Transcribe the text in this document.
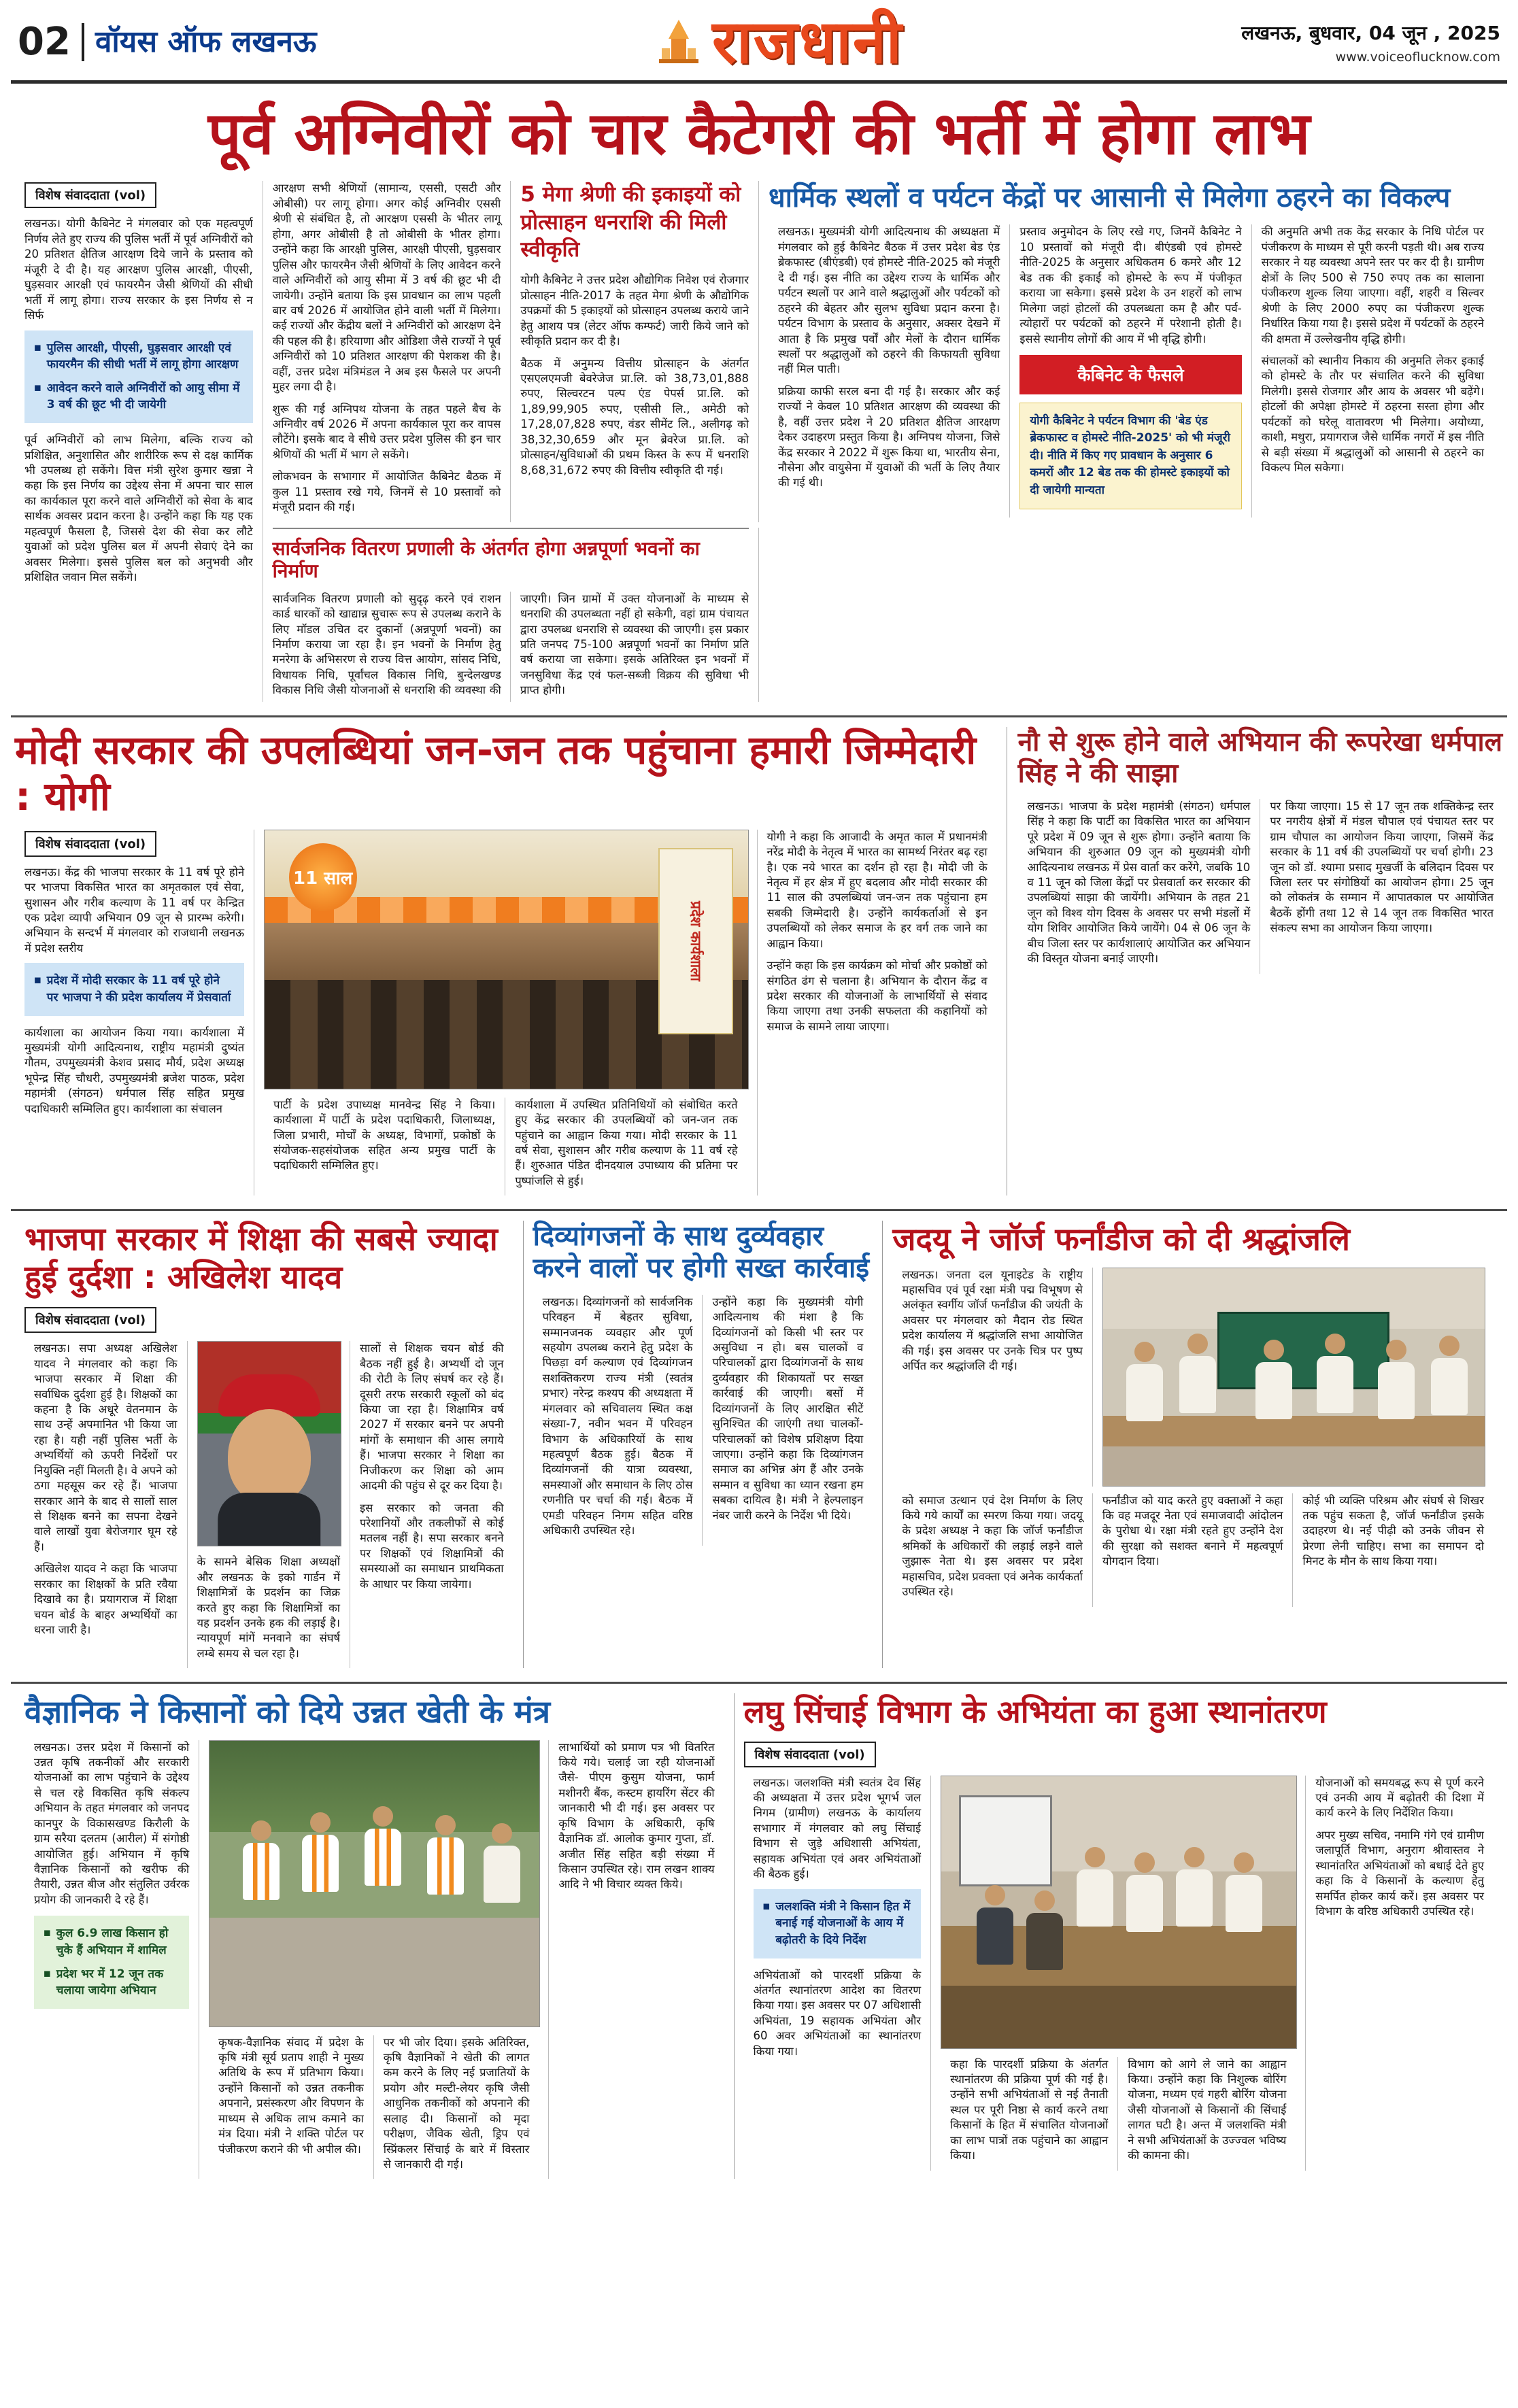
02 वॉयस ऑफ लखनऊ	राजधानी	लखनऊ, बुधवार, 04 जून , 2025
www.voiceoflucknow.com
पूर्व अग्निवीरों को चार कैटेगरी की भर्ती में होगा लाभ
विशेष संवाददाता (vol)

लखनऊ। योगी कैबिनेट ने मंगलवार को एक महत्वपूर्ण निर्णय लेते हुए राज्य की पुलिस भर्ती में पूर्व अग्निवीरों को 20 प्रतिशत क्षैतिज आरक्षण दिये जाने के प्रस्ताव को मंजूरी दे दी है। यह आरक्षण पुलिस आरक्षी, पीएसी, घुड़सवार आरक्षी एवं फायरमैन जैसी श्रेणियों की सीधी भर्ती में लागू होगा। राज्य सरकार के इस निर्णय से न सिर्फ

◼ पुलिस आरक्षी, पीएसी, घुड़सवार आरक्षी एवं फायरमैन की सीधी भर्ती में लागू होगा आरक्षण
◼ आवेदन करने वाले अग्निवीरों को आयु सीमा में 3 वर्ष की छूट भी दी जायेगी

पूर्व अग्निवीरों को लाभ मिलेगा, बल्कि राज्य को प्रशिक्षित, अनुशासित और शारीरिक रूप से दक्ष कार्मिक भी उपलब्ध हो सकेंगे। वित्त मंत्री सुरेश कुमार खन्ना ने कहा कि इस निर्णय का उद्देश्य सेना में अपना चार साल का कार्यकाल पूरा करने वाले अग्निवीरों को सेवा के बाद सार्थक अवसर प्रदान करना है। उन्होंने कहा कि यह एक महत्वपूर्ण फैसला है, जिससे देश की सेवा कर लौटे युवाओं को प्रदेश पुलिस बल में अपनी सेवाएं देने का अवसर मिलेगा। इससे पुलिस बल को अनुभवी और प्रशिक्षित जवान मिल सकेंगे।

आरक्षण सभी श्रेणियों (सामान्य, एससी, एसटी और ओबीसी) पर लागू होगा। अगर कोई अग्निवीर एससी श्रेणी से संबंधित है, तो आरक्षण एससी के भीतर लागू होगा, अगर ओबीसी है तो ओबीसी के भीतर होगा। उन्होंने कहा कि आरक्षी पुलिस, आरक्षी पीएसी, घुड़सवार पुलिस और फायरमैन जैसी श्रेणियों के लिए आवेदन करने वाले अग्निवीरों को आयु सीमा में 3 वर्ष की छूट भी दी जायेगी। उन्होंने बताया कि इस प्रावधान का लाभ पहली बार वर्ष 2026 में आयोजित होने वाली भर्ती में मिलेगा। कई राज्यों और केंद्रीय बलों ने अग्निवीरों को आरक्षण देने की पहल की है। हरियाणा और ओडिशा जैसे राज्यों ने पूर्व अग्निवीरों को 10 प्रतिशत आरक्षण की पेशकश की है। वहीं, उत्तर प्रदेश मंत्रिमंडल ने अब इस फैसले पर अपनी मुहर लगा दी है।

शुरू की गई अग्निपथ योजना के तहत पहले बैच के अग्निवीर वर्ष 2026 में अपना कार्यकाल पूरा कर वापस लौटेंगे। इसके बाद वे सीधे उत्तर प्रदेश पुलिस की इन चार श्रेणियों की भर्ती में भाग ले सकेंगे।

लोकभवन के सभागार में आयोजित कैबिनेट बैठक में कुल 11 प्रस्ताव रखे गये, जिनमें से 10 प्रस्तावों को मंजूरी प्रदान की गई।

5 मेगा श्रेणी की इकाइयों को प्रोत्साहन धनराशि की मिली स्वीकृति

योगी कैबिनेट ने उत्तर प्रदेश औद्योगिक निवेश एवं रोजगार प्रोत्साहन नीति-2017 के तहत मेगा श्रेणी के औद्योगिक उपक्रमों की 5 इकाइयों को प्रोत्साहन उपलब्ध कराये जाने हेतु आशय पत्र (लेटर ऑफ कम्फर्ट) जारी किये जाने को स्वीकृति प्रदान कर दी है।

बैठक में अनुमन्य वित्तीय प्रोत्साहन के अंतर्गत एसएलएमजी बेवरेजेज प्रा.लि. को 38,73,01,888 रुपए, सिल्वरटन पल्प एंड पेपर्स प्रा.लि. को 1,89,99,905 रुपए, एसीसी लि., अमेठी को 17,28,07,828 रुपए, वंडर सीमेंट लि., अलीगढ़ को 38,32,30,659 और मून ब्रेवरेज प्रा.लि. को प्रोत्साहन/सुविधाओं की प्रथम किस्त के रूप में धनराशि 8,68,31,672 रुपए की वित्तीय स्वीकृति दी गई।

धार्मिक स्थलों व पर्यटन केंद्रों पर आसानी से मिलेगा ठहरने का विकल्प

लखनऊ। मुख्यमंत्री योगी आदित्यनाथ की अध्यक्षता में मंगलवार को हुई कैबिनेट बैठक में उत्तर प्रदेश बेड एंड ब्रेकफास्ट (बीएंडबी) एवं होमस्टे नीति-2025 को मंजूरी दे दी गई। इस नीति का उद्देश्य राज्य के धार्मिक और पर्यटन स्थलों पर आने वाले श्रद्धालुओं और पर्यटकों को ठहरने की बेहतर और सुलभ सुविधा प्रदान करना है। पर्यटन विभाग के प्रस्ताव के अनुसार, अक्सर देखने में आता है कि प्रमुख पर्वों और मेलों के दौरान धार्मिक स्थलों पर श्रद्धालुओं को ठहरने की किफायती सुविधा नहीं मिल पाती।

प्रक्रिया काफी सरल बना दी गई है। सरकार और कई राज्यों ने केवल 10 प्रतिशत आरक्षण की व्यवस्था की है, वहीं उत्तर प्रदेश ने 20 प्रतिशत क्षैतिज आरक्षण देकर उदाहरण प्रस्तुत किया है। अग्निपथ योजना, जिसे केंद्र सरकार ने 2022 में शुरू किया था, भारतीय सेना, नौसेना और वायुसेना में युवाओं की भर्ती के लिए तैयार की गई थी।

प्रस्ताव अनुमोदन के लिए रखे गए, जिनमें कैबिनेट ने 10 प्रस्तावों को मंजूरी दी। बीएंडबी एवं होमस्टे नीति-2025 के अनुसार अधिकतम 6 कमरे और 12 बेड तक की इकाई को होमस्टे के रूप में पंजीकृत कराया जा सकेगा। इससे प्रदेश के उन शहरों को लाभ मिलेगा जहां होटलों की उपलब्धता कम है और पर्व-त्योहारों पर पर्यटकों को ठहरने में परेशानी होती है। इससे स्थानीय लोगों की आय में भी वृद्धि होगी।

कैबिनेट के फैसले
योगी कैबिनेट ने पर्यटन विभाग की 'बेड एंड ब्रेकफास्ट व होमस्टे नीति-2025' को भी मंजूरी दी। नीति में किए गए प्रावधान के अनुसार 6 कमरों और 12 बेड तक की होमस्टे इकाइयों को दी जायेगी मान्यता

की अनुमति अभी तक केंद्र सरकार के निधि पोर्टल पर पंजीकरण के माध्यम से पूरी करनी पड़ती थी। अब राज्य सरकार ने यह व्यवस्था अपने स्तर पर कर दी है। ग्रामीण क्षेत्रों के लिए 500 से 750 रुपए तक का सालाना पंजीकरण शुल्क लिया जाएगा। वहीं, शहरी व सिल्वर श्रेणी के लिए 2000 रुपए का पंजीकरण शुल्क निर्धारित किया गया है। इससे प्रदेश में पर्यटकों के ठहरने की क्षमता में उल्लेखनीय वृद्धि होगी।

संचालकों को स्थानीय निकाय की अनुमति लेकर इकाई को होमस्टे के तौर पर संचालित करने की सुविधा मिलेगी। इससे रोजगार और आय के अवसर भी बढ़ेंगे। होटलों की अपेक्षा होमस्टे में ठहरना सस्ता होगा और पर्यटकों को घरेलू वातावरण भी मिलेगा। अयोध्या, काशी, मथुरा, प्रयागराज जैसे धार्मिक नगरों में इस नीति से बड़ी संख्या में श्रद्धालुओं को आसानी से ठहरने का विकल्प मिल सकेगा।

सार्वजनिक वितरण प्रणाली के अंतर्गत होगा अन्नपूर्णा भवनों का निर्माण

सार्वजनिक वितरण प्रणाली को सुदृढ़ करने एवं राशन कार्ड धारकों को खाद्यान्न सुचारू रूप से उपलब्ध कराने के लिए मॉडल उचित दर दुकानों (अन्नपूर्णा भवनों) का निर्माण कराया जा रहा है। इन भवनों के निर्माण हेतु मनरेगा के अभिसरण से राज्य वित्त आयोग, सांसद निधि, विधायक निधि, पूर्वांचल विकास निधि, बुन्देलखण्ड विकास निधि जैसी योजनाओं से धनराशि की व्यवस्था की जाएगी। जिन ग्रामों में उक्त योजनाओं के माध्यम से धनराशि की उपलब्धता नहीं हो सकेगी, वहां ग्राम पंचायत द्वारा उपलब्ध धनराशि से व्यवस्था की जाएगी। इस प्रकार प्रति जनपद 75-100 अन्नपूर्णा भवनों का निर्माण प्रति वर्ष कराया जा सकेगा। इसके अतिरिक्त इन भवनों में जनसुविधा केंद्र एवं फल-सब्जी विक्रय की सुविधा भी प्राप्त होगी।

मोदी सरकार की उपलब्धियां जन-जन तक पहुंचाना हमारी जिम्मेदारी : योगी
विशेष संवाददाता (vol)

लखनऊ। केंद्र की भाजपा सरकार के 11 वर्ष पूरे होने पर भाजपा विकसित भारत का अमृतकाल एवं सेवा, सुशासन और गरीब कल्याण के 11 वर्ष पर केन्द्रित एक प्रदेश व्यापी अभियान 09 जून से प्रारम्भ करेगी। अभियान के सन्दर्भ में मंगलवार को राजधानी लखनऊ में प्रदेश स्तरीय

◼ प्रदेश में मोदी सरकार के 11 वर्ष पूरे होने पर भाजपा ने की प्रदेश कार्यालय में प्रेसवार्ता

कार्यशाला का आयोजन किया गया। कार्यशाला में मुख्यमंत्री योगी आदित्यनाथ, राष्ट्रीय महामंत्री दुष्यंत गौतम, उपमुख्यमंत्री केशव प्रसाद मौर्य, प्रदेश अध्यक्ष भूपेन्द्र सिंह चौधरी, उपमुख्यमंत्री ब्रजेश पाठक, प्रदेश महामंत्री (संगठन) धर्मपाल सिंह सहित प्रमुख पदाधिकारी सम्मिलित हुए। कार्यशाला का संचालन

11 साल
प्रदेश कार्यशाला

पार्टी के प्रदेश उपाध्यक्ष मानवेन्द्र सिंह ने किया। कार्यशाला में पार्टी के प्रदेश पदाधिकारी, जिलाध्यक्ष, जिला प्रभारी, मोर्चों के अध्यक्ष, विभागों, प्रकोष्ठों के संयोजक-सहसंयोजक सहित अन्य प्रमुख पार्टी के पदाधिकारी सम्मिलित हुए।

कार्यशाला में उपस्थित प्रतिनिधियों को संबोधित करते हुए केंद्र सरकार की उपलब्धियों को जन-जन तक पहुंचाने का आह्वान किया गया। मोदी सरकार के 11 वर्ष सेवा, सुशासन और गरीब कल्याण के 11 वर्ष रहे हैं। शुरुआत पंडित दीनदयाल उपाध्याय की प्रतिमा पर पुष्पांजलि से हुई।

योगी ने कहा कि आजादी के अमृत काल में प्रधानमंत्री नरेंद्र मोदी के नेतृत्व में भारत का सामर्थ्य निरंतर बढ़ रहा है। एक नये भारत का दर्शन हो रहा है। मोदी जी के नेतृत्व में हर क्षेत्र में हुए बदलाव और मोदी सरकार की 11 साल की उपलब्धियां जन-जन तक पहुंचाना हम सबकी जिम्मेदारी है। उन्होंने कार्यकर्ताओं से इन उपलब्धियों को लेकर समाज के हर वर्ग तक जाने का आह्वान किया।

उन्होंने कहा कि इस कार्यक्रम को मोर्चा और प्रकोष्ठों को संगठित ढंग से चलाना है। अभियान के दौरान केंद्र व प्रदेश सरकार की योजनाओं के लाभार्थियों से संवाद किया जाएगा तथा उनकी सफलता की कहानियों को समाज के सामने लाया जाएगा।

नौ से शुरू होने वाले अभियान की रूपरेखा धर्मपाल सिंह ने की साझा

लखनऊ। भाजपा के प्रदेश महामंत्री (संगठन) धर्मपाल सिंह ने कहा कि पार्टी का विकसित भारत का अभियान पूरे प्रदेश में 09 जून से शुरू होगा। उन्होंने बताया कि अभियान की शुरुआत 09 जून को मुख्यमंत्री योगी आदित्यनाथ लखनऊ में प्रेस वार्ता कर करेंगे, जबकि 10 व 11 जून को जिला केंद्रों पर प्रेसवार्ता कर सरकार की उपलब्धियां साझा की जायेंगी। अभियान के तहत 21 जून को विश्व योग दिवस के अवसर पर सभी मंडलों में योग शिविर आयोजित किये जायेंगे। 04 से 06 जून के बीच जिला स्तर पर कार्यशालाएं आयोजित कर अभियान की विस्तृत योजना बनाई जाएगी।

पर किया जाएगा। 15 से 17 जून तक शक्तिकेन्द्र स्तर पर नगरीय क्षेत्रों में मंडल चौपाल एवं पंचायत स्तर पर ग्राम चौपाल का आयोजन किया जाएगा, जिसमें केंद्र सरकार के 11 वर्ष की उपलब्धियों पर चर्चा होगी। 23 जून को डॉ. श्यामा प्रसाद मुखर्जी के बलिदान दिवस पर जिला स्तर पर संगोष्ठियों का आयोजन होगा। 25 जून को लोकतंत्र के सम्मान में आपातकाल पर आयोजित बैठकें होंगी तथा 12 से 14 जून तक विकसित भारत संकल्प सभा का आयोजन किया जाएगा।

भाजपा सरकार में शिक्षा की सबसे ज्यादा हुई दुर्दशा : अखिलेश यादव
विशेष संवाददाता (vol)

लखनऊ। सपा अध्यक्ष अखिलेश यादव ने मंगलवार को कहा कि भाजपा सरकार में शिक्षा की सर्वाधिक दुर्दशा हुई है। शिक्षकों का कहना है कि अधूरे वेतनमान के साथ उन्हें अपमानित भी किया जा रहा है। यही नहीं पुलिस भर्ती के अभ्यर्थियों को ऊपरी निर्देशों पर नियुक्ति नहीं मिलती है। वे अपने को ठगा महसूस कर रहे हैं। भाजपा सरकार आने के बाद से सालों साल से शिक्षक बनने का सपना देखने वाले लाखों युवा बेरोजगार घूम रहे हैं।

अखिलेश यादव ने कहा कि भाजपा सरकार का शिक्षकों के प्रति रवैया दिखावे का है। प्रयागराज में शिक्षा चयन बोर्ड के बाहर अभ्यर्थियों का धरना जारी है।

के सामने बेसिक शिक्षा अध्यक्षों और लखनऊ के इको गार्डन में शिक्षामित्रों के प्रदर्शन का जिक्र करते हुए कहा कि शिक्षामित्रों का यह प्रदर्शन उनके हक की लड़ाई है। न्यायपूर्ण मांगें मनवाने का संघर्ष लम्बे समय से चल रहा है।

सालों से शिक्षक चयन बोर्ड की बैठक नहीं हुई है। अभ्यर्थी दो जून की रोटी के लिए संघर्ष कर रहे हैं। दूसरी तरफ सरकारी स्कूलों को बंद किया जा रहा है। शिक्षामित्र वर्ष 2027 में सरकार बनने पर अपनी मांगों के समाधान की आस लगाये हैं। भाजपा सरकार ने शिक्षा का निजीकरण कर शिक्षा को आम आदमी की पहुंच से दूर कर दिया है।

इस सरकार को जनता की परेशानियों और तकलीफों से कोई मतलब नहीं है। सपा सरकार बनने पर शिक्षकों एवं शिक्षामित्रों की समस्याओं का समाधान प्राथमिकता के आधार पर किया जायेगा।

दिव्यांगजनों के साथ दुर्व्यवहार करने वालों पर होगी सख्त कार्रवाई

लखनऊ। दिव्यांगजनों को सार्वजनिक परिवहन में बेहतर सुविधा, सम्मानजनक व्यवहार और पूर्ण सहयोग उपलब्ध कराने हेतु प्रदेश के पिछड़ा वर्ग कल्याण एवं दिव्यांगजन सशक्तिकरण राज्य मंत्री (स्वतंत्र प्रभार) नरेन्द्र कश्यप की अध्यक्षता में मंगलवार को सचिवालय स्थित कक्ष संख्या-7, नवीन भवन में परिवहन विभाग के अधिकारियों के साथ महत्वपूर्ण बैठक हुई। बैठक में दिव्यांगजनों की यात्रा व्यवस्था, समस्याओं और समाधान के लिए ठोस रणनीति पर चर्चा की गई। बैठक में एमडी परिवहन निगम सहित वरिष्ठ अधिकारी उपस्थित रहे।

उन्होंने कहा कि मुख्यमंत्री योगी आदित्यनाथ की मंशा है कि दिव्यांगजनों को किसी भी स्तर पर असुविधा न हो। बस चालकों व परिचालकों द्वारा दिव्यांगजनों के साथ दुर्व्यवहार की शिकायतों पर सख्त कार्रवाई की जाएगी। बसों में दिव्यांगजनों के लिए आरक्षित सीटें सुनिश्चित की जाएंगी तथा चालकों-परिचालकों को विशेष प्रशिक्षण दिया जाएगा। उन्होंने कहा कि दिव्यांगजन समाज का अभिन्न अंग हैं और उनके सम्मान व सुविधा का ध्यान रखना हम सबका दायित्व है। मंत्री ने हेल्पलाइन नंबर जारी करने के निर्देश भी दिये।

जदयू ने जॉर्ज फर्नांडीज को दी श्रद्धांजलि

लखनऊ। जनता दल यूनाइटेड के राष्ट्रीय महासचिव एवं पूर्व रक्षा मंत्री पद्म विभूषण से अलंकृत स्वर्गीय जॉर्ज फर्नांडीज की जयंती के अवसर पर मंगलवार को मैदान रोड स्थित प्रदेश कार्यालय में श्रद्धांजलि सभा आयोजित की गई। इस अवसर पर उनके चित्र पर पुष्प अर्पित कर श्रद्धांजलि दी गई।

को समाज उत्थान एवं देश निर्माण के लिए किये गये कार्यों का स्मरण किया गया। जदयू के प्रदेश अध्यक्ष ने कहा कि जॉर्ज फर्नांडीज श्रमिकों के अधिकारों की लड़ाई लड़ने वाले जुझारू नेता थे। इस अवसर पर प्रदेश महासचिव, प्रदेश प्रवक्ता एवं अनेक कार्यकर्ता उपस्थित रहे।

फर्नांडीज को याद करते हुए वक्ताओं ने कहा कि वह मजदूर नेता एवं समाजवादी आंदोलन के पुरोधा थे। रक्षा मंत्री रहते हुए उन्होंने देश की सुरक्षा को सशक्त बनाने में महत्वपूर्ण योगदान दिया।

कोई भी व्यक्ति परिश्रम और संघर्ष से शिखर तक पहुंच सकता है, जॉर्ज फर्नांडीज इसके उदाहरण थे। नई पीढ़ी को उनके जीवन से प्रेरणा लेनी चाहिए। सभा का समापन दो मिनट के मौन के साथ किया गया।

वैज्ञानिक ने किसानों को दिये उन्नत खेती के मंत्र

लखनऊ। उत्तर प्रदेश में किसानों को उन्नत कृषि तकनीकों और सरकारी योजनाओं का लाभ पहुंचाने के उद्देश्य से चल रहे विकसित कृषि संकल्प अभियान के तहत मंगलवार को जनपद कानपुर के विकासखण्ड किरौली के ग्राम सरैया दलतम (आरील) में संगोष्ठी आयोजित हुई। अभियान में कृषि वैज्ञानिक किसानों को खरीफ की तैयारी, उन्नत बीज और संतुलित उर्वरक प्रयोग की जानकारी दे रहे हैं।

◼ कुल 6.9 लाख किसान हो चुके हैं अभियान में शामिल
◼ प्रदेश भर में 12 जून तक चलाया जायेगा अभियान

कृषक-वैज्ञानिक संवाद में प्रदेश के कृषि मंत्री सूर्य प्रताप शाही ने मुख्य अतिथि के रूप में प्रतिभाग किया। उन्होंने किसानों को उन्नत तकनीक अपनाने, प्रसंस्करण और विपणन के माध्यम से अधिक लाभ कमाने का मंत्र दिया। मंत्री ने शक्ति पोर्टल पर पंजीकरण कराने की भी अपील की।

पर भी जोर दिया। इसके अतिरिक्त, कृषि वैज्ञानिकों ने खेती की लागत कम करने के लिए नई प्रजातियों के प्रयोग और मल्टी-लेयर कृषि जैसी आधुनिक तकनीकों को अपनाने की सलाह दी। किसानों को मृदा परीक्षण, जैविक खेती, ड्रिप एवं स्प्रिंकलर सिंचाई के बारे में विस्तार से जानकारी दी गई।

लाभार्थियों को प्रमाण पत्र भी वितरित किये गये। चलाई जा रही योजनाओं जैसे- पीएम कुसुम योजना, फार्म मशीनरी बैंक, कस्टम हायरिंग सेंटर की जानकारी भी दी गई। इस अवसर पर कृषि विभाग के अधिकारी, कृषि वैज्ञानिक डॉ. आलोक कुमार गुप्ता, डॉ. अजीत सिंह सहित बड़ी संख्या में किसान उपस्थित रहे। राम लखन शाक्य आदि ने भी विचार व्यक्त किये।

लघु सिंचाई विभाग के अभियंता का हुआ स्थानांतरण
विशेष संवाददाता (vol)

लखनऊ। जलशक्ति मंत्री स्वतंत्र देव सिंह की अध्यक्षता में उत्तर प्रदेश भूगर्भ जल निगम (ग्रामीण) लखनऊ के कार्यालय सभागार में मंगलवार को लघु सिंचाई विभाग से जुड़े अधिशासी अभियंता, सहायक अभियंता एवं अवर अभियंताओं की बैठक हुई।

◼ जलशक्ति मंत्री ने किसान हित में बनाई गई योजनाओं के आय में बढ़ोतरी के दिये निर्देश

अभियंताओं को पारदर्शी प्रक्रिया के अंतर्गत स्थानांतरण आदेश का वितरण किया गया। इस अवसर पर 07 अधिशासी अभियंता, 19 सहायक अभियंता और 60 अवर अभियंताओं का स्थानांतरण किया गया।

कहा कि पारदर्शी प्रक्रिया के अंतर्गत स्थानांतरण की प्रक्रिया पूर्ण की गई है। उन्होंने सभी अभियंताओं से नई तैनाती स्थल पर पूरी निष्ठा से कार्य करने तथा किसानों के हित में संचालित योजनाओं का लाभ पात्रों तक पहुंचाने का आह्वान किया।

विभाग को आगे ले जाने का आह्वान किया। उन्होंने कहा कि निशुल्क बोरिंग योजना, मध्यम एवं गहरी बोरिंग योजना जैसी योजनाओं से किसानों की सिंचाई लागत घटी है। अन्त में जलशक्ति मंत्री ने सभी अभियंताओं के उज्ज्वल भविष्य की कामना की।

योजनाओं को समयब‍द्ध रूप से पूर्ण करने एवं उनकी आय में बढ़ोतरी की दिशा में कार्य करने के लिए निर्देशित किया।

अपर मुख्य सचिव, नमामि गंगे एवं ग्रामीण जलापूर्ति विभाग, अनुराग श्रीवास्तव ने स्थानांतरित अभियंताओं को बधाई देते हुए कहा कि वे किसानों के कल्याण हेतु समर्पित होकर कार्य करें। इस अवसर पर विभाग के वरिष्ठ अधिकारी उपस्थित रहे।
